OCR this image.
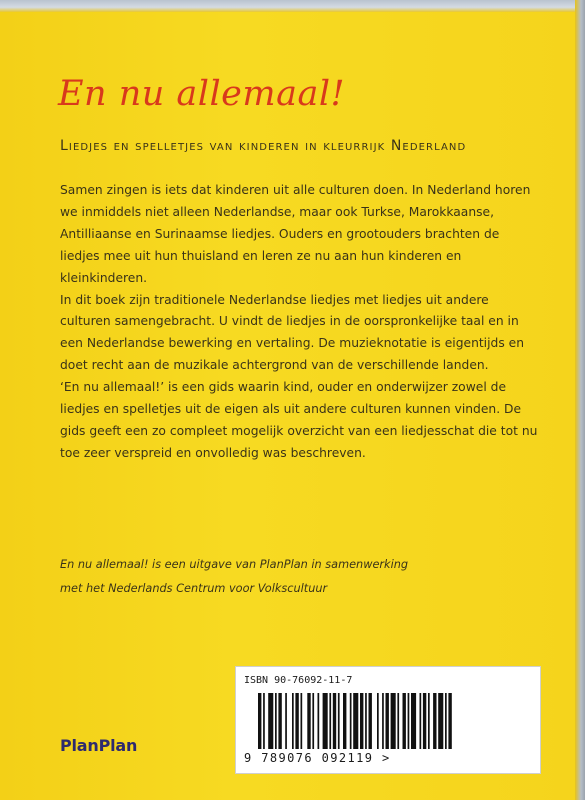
En nu allemaal!
Liedjes en spelletjes van kinderen in kleurrijk Nederland

Samen zingen is iets dat kinderen uit alle culturen doen. In Nederland horen we inmiddels niet alleen Nederlandse, maar ook Turkse, Marokkaanse, Antilliaanse en Surinaamse liedjes. Ouders en grootouders brachten de liedjes mee uit hun thuisland en leren ze nu aan hun kinderen en kleinkinderen.

In dit boek zijn traditionele Nederlandse liedjes met liedjes uit andere culturen samengebracht. U vindt de liedjes in de oorspronkelijke taal en in een Nederlandse bewerking en vertaling. De muzieknotatie is eigentijds en doet recht aan de muzikale achtergrond van de verschillende landen.

‘En nu allemaal!’ is een gids waarin kind, ouder en onderwijzer zowel de liedjes en spelletjes uit de eigen als uit andere culturen kunnen vinden. De gids geeft een zo compleet mogelijk overzicht van een liedjesschat die tot nu toe zeer verspreid en onvolledig was beschreven.

En nu allemaal! is een uitgave van PlanPlan in samenwerking
met het Nederlands Centrum voor Volkscultuur
PlanPlan
ISBN 90-76092-11-7
9 789076 092119 >
